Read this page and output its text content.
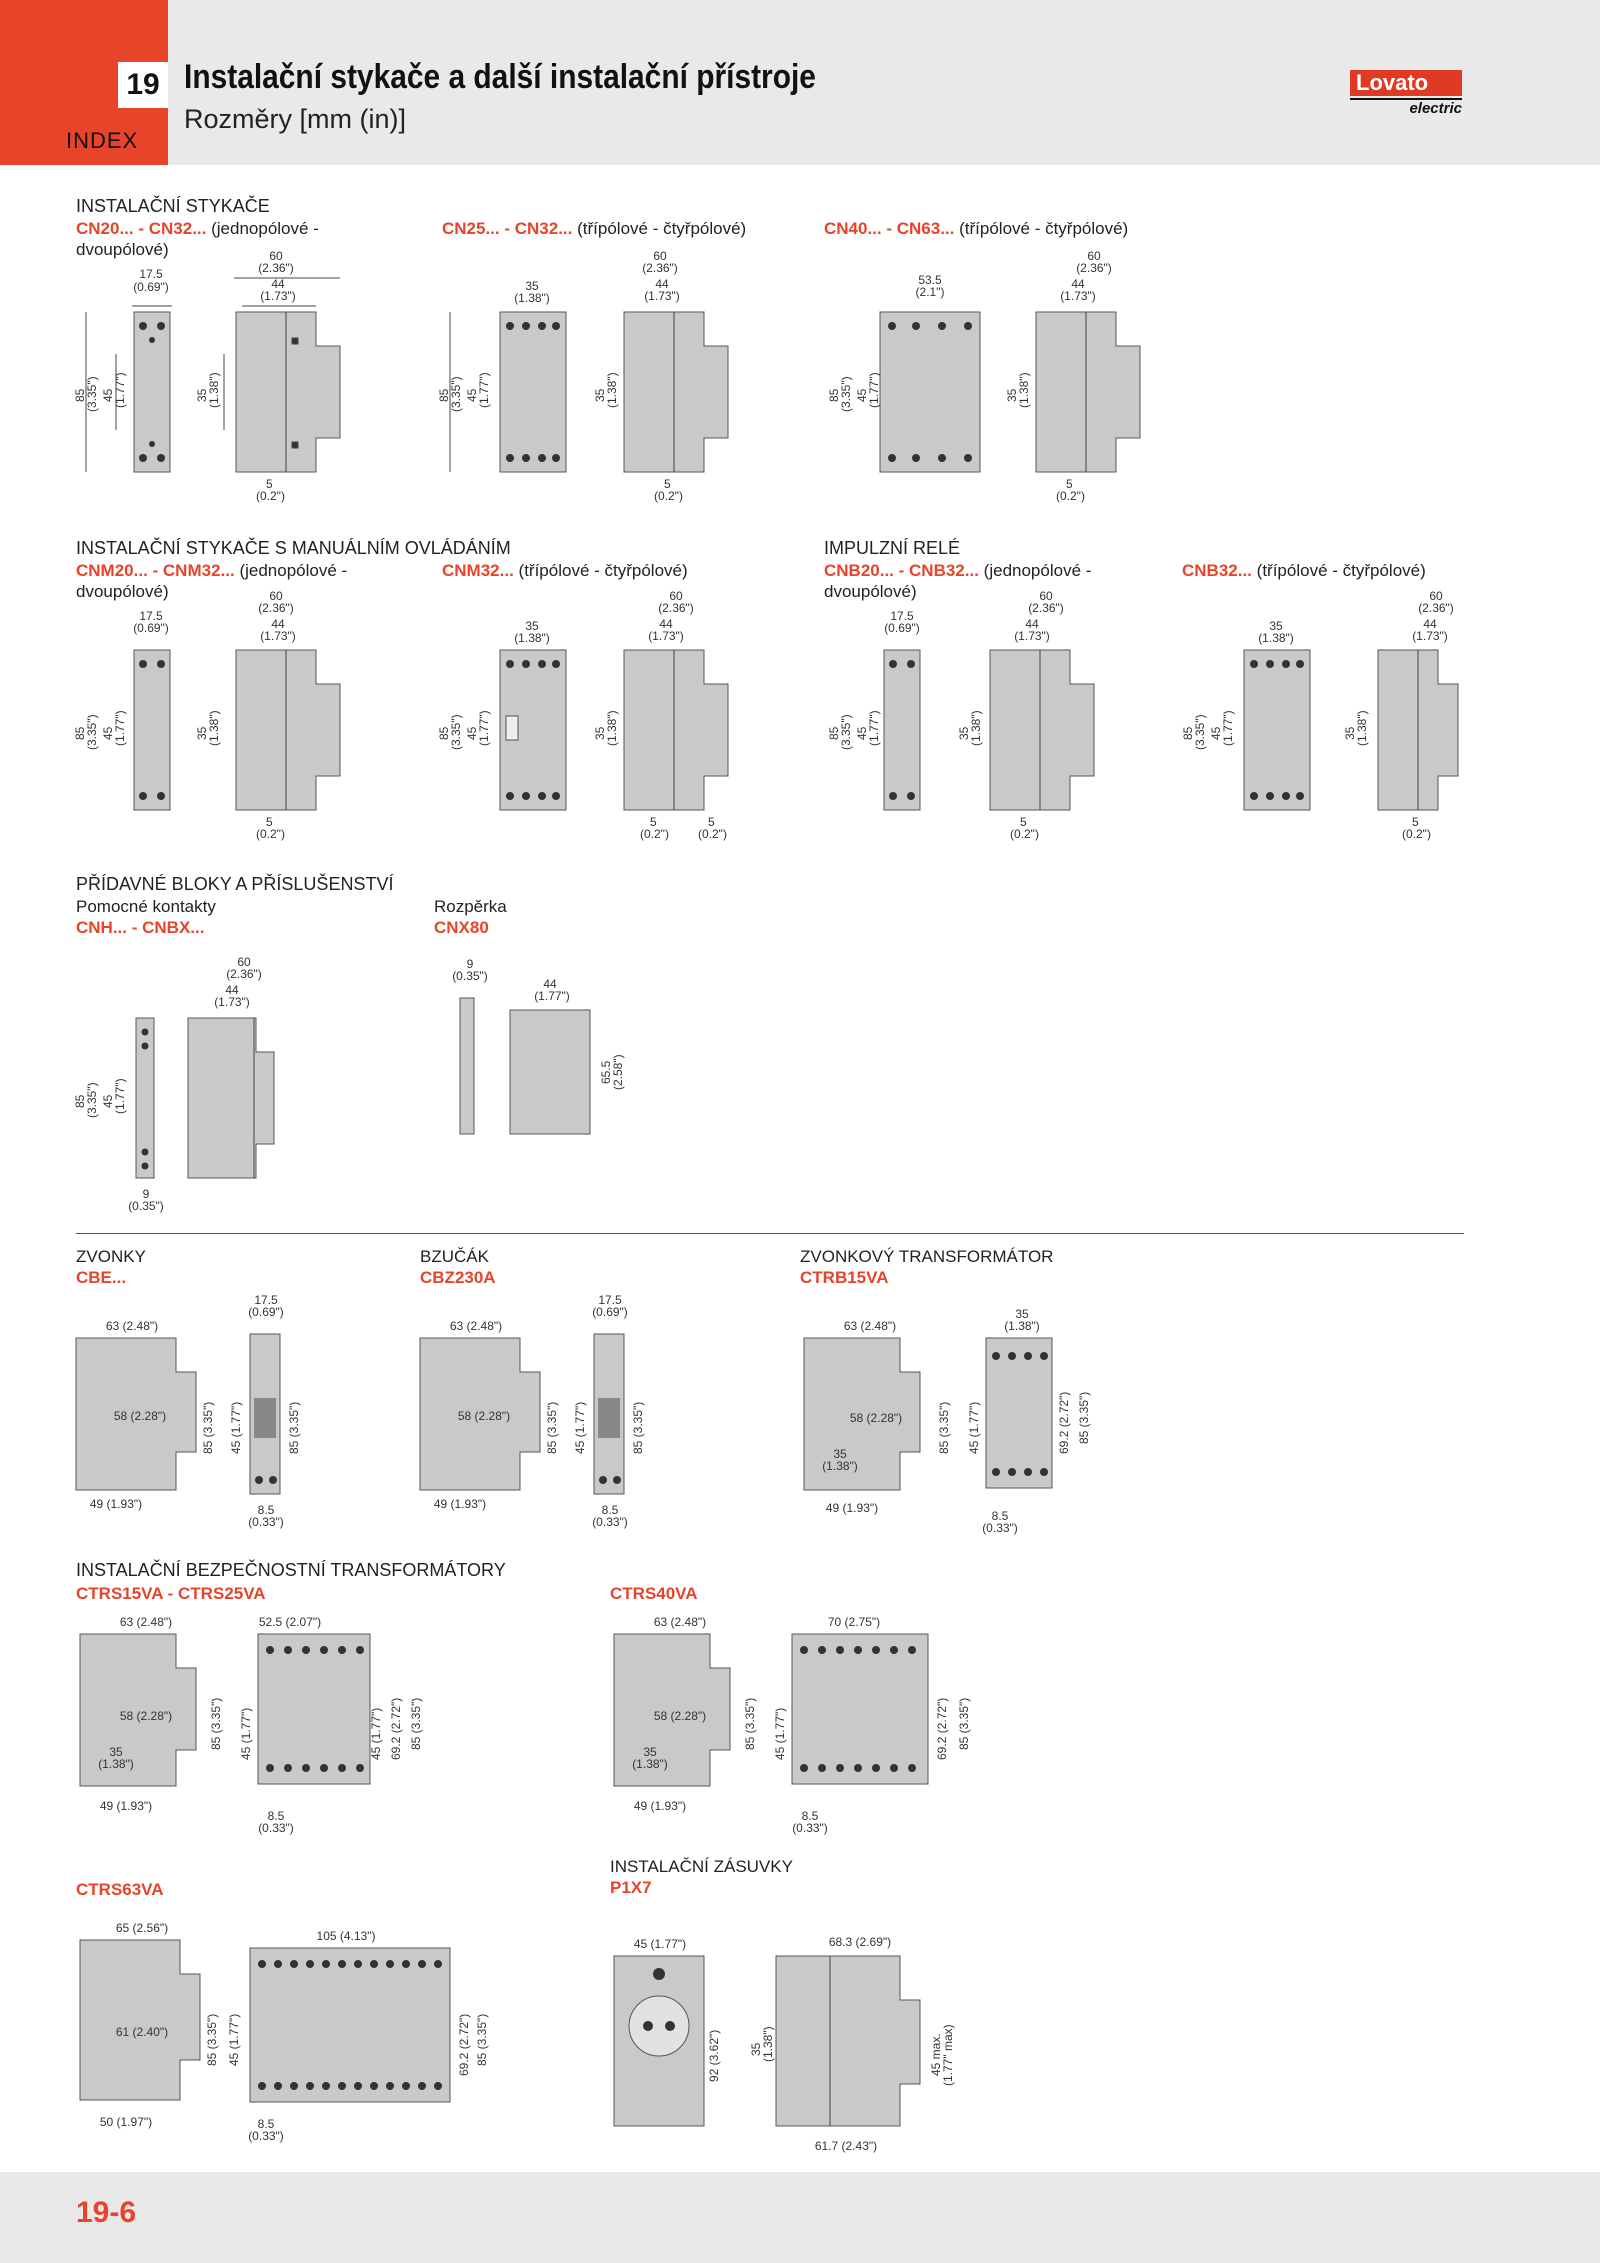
19
INDEX
Instalační stykače a další instalační přístroje
Rozměry [mm (in)]
Lovato
electric
INSTALAČNÍ STYKAČE
CN20... - CN32... (jednopólové -
dvoupólové)
CN25... - CN32... (třípólové - čtyřpólové)	CN40... - CN63... (třípólové - čtyřpólové)
17.5
(0.69")
85
(3.35") 45
(1.77")
60
(2.36")
44
(1.73")
35
(1.38")
5
(0.2")
35
(1.38")
85
(3.35") 45
(1.77")
60
(2.36")
44
(1.73")
35
(1.38")
5
(0.2")
53.5
(2.1")
85
(3.35") 45
(1.77")
60
(2.36")
44
(1.73")
35
(1.38")
5
(0.2")
INSTALAČNÍ STYKAČE S MANUÁLNÍM OVLÁDÁNÍM
CNM20... - CNM32... (jednopólové -
dvoupólové)
CNM32... (třípólové - čtyřpólové)
IMPULZNÍ RELÉ
CNB20... - CNB32... (jednopólové -
dvoupólové)
CNB32... (třípólové - čtyřpólové)
17.5
(0.69")
85
(3.35") 45
(1.77")
60
(2.36")
44
(1.73")
35
(1.38")
5
(0.2")
35
(1.38")
85
(3.35") 45
(1.77")
60
(2.36")
44
(1.73")
35
(1.38")
5
(0.2")
5
(0.2")
17.5
(0.69")
85
(3.35") 45
(1.77")
60
(2.36")
44
(1.73")
35
(1.38")
5
(0.2")
35
(1.38")
85
(3.35") 45
(1.77")
60
(2.36")
44
(1.73")
35
(1.38")
5
(0.2")
PŘÍDAVNÉ BLOKY A PŘÍSLUŠENSTVÍ
Pomocné kontakty
CNH... - CNBX...
Rozpěrka
CNX80
60
(2.36")
44
(1.73")
85
(3.35") 45
(1.77")
9
(0.35")
9
(0.35")
44
(1.77")
65.5
(2.58")
ZVONKY
CBE...
BZUČÁK
CBZ230A
ZVONKOVÝ TRANSFORMÁTOR
CTRB15VA
63 (2.48")
58 (2.28")	85 (3.35")
49 (1.93")
17.5
(0.69")
45 (1.77")	85 (3.35")
8.5
(0.33")
63 (2.48")
58 (2.28")	85 (3.35")
49 (1.93")
17.5
(0.69")
45 (1.77")	85 (3.35")
8.5
(0.33")
63 (2.48")
58 (2.28")
35
(1.38")
85 (3.35")
49 (1.93")
35
(1.38")
45 (1.77")	69.2 (2.72") 85 (3.35")
8.5
(0.33")
INSTALAČNÍ BEZPEČNOSTNÍ TRANSFORMÁTORY
CTRS15VA - CTRS25VA	CTRS40VA
63 (2.48")
58 (2.28")
35
(1.38")
85 (3.35")
49 (1.93")
52.5 (2.07")
45 (1.77")	45 (1.77") 69.2 (2.72") 85 (3.35")
8.5
(0.33")
63 (2.48")
58 (2.28")
35
(1.38")
85 (3.35")
49 (1.93")
70 (2.75")
45 (1.77")	69.2 (2.72") 85 (3.35")
8.5
(0.33")
CTRS63VA
INSTALAČNÍ ZÁSUVKY
P1X7
65 (2.56")
61 (2.40")	85 (3.35") 45 (1.77")
50 (1.97")
105 (4.13")
69.2 (2.72") 85 (3.35")
8.5
(0.33")
45 (1.77")
92 (3.62")
68.3 (2.69")
35
(1.38")	45 max.
(1.77" max)
61.7 (2.43")
19-6
